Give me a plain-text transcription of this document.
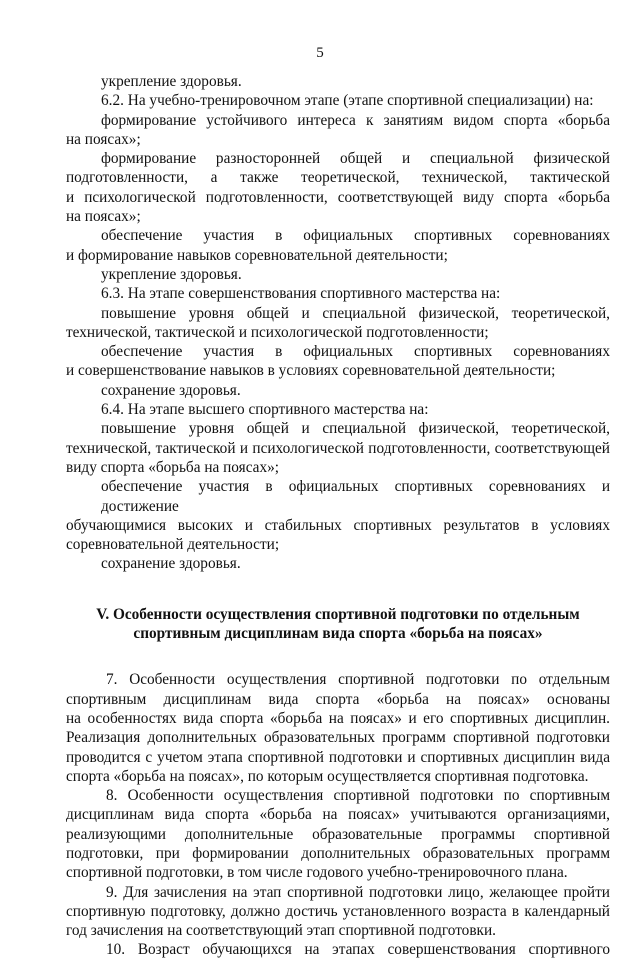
5

укрепление здоровья.

6.2. На учебно-тренировочном этапе (этапе спортивной специализации) на:

формирование устойчивого интереса к занятиям видом спорта «борьба

на поясах»;

формирование разносторонней общей и специальной физической

подготовленности, а также теоретической, технической, тактической

и психологической подготовленности, соответствующей виду спорта «борьба

на поясах»;

обеспечение участия в официальных спортивных соревнованиях

и формирование навыков соревновательной деятельности;

укрепление здоровья.

6.3. На этапе совершенствования спортивного мастерства на:

повышение уровня общей и специальной физической, теоретической,

технической, тактической и психологической подготовленности;

обеспечение участия в официальных спортивных соревнованиях

и совершенствование навыков в условиях соревновательной деятельности;

сохранение здоровья.

6.4. На этапе высшего спортивного мастерства на:

повышение уровня общей и специальной физической, теоретической,

технической, тактической и психологической подготовленности, соответствующей

виду спорта «борьба на поясах»;

обеспечение участия в официальных спортивных соревнованиях и достижение

обучающимися высоких и стабильных спортивных результатов в условиях

соревновательной деятельности;

сохранение здоровья.

V. Особенности осуществления спортивной подготовки по отдельным

спортивным дисциплинам вида спорта «борьба на поясах»

7. Особенности осуществления спортивной подготовки по отдельным

спортивным дисциплинам вида спорта «борьба на поясах» основаны

на особенностях вида спорта «борьба на поясах» и его спортивных дисциплин.

Реализация дополнительных образовательных программ спортивной подготовки

проводится с учетом этапа спортивной подготовки и спортивных дисциплин вида

спорта «борьба на поясах», по которым осуществляется спортивная подготовка.

8. Особенности осуществления спортивной подготовки по спортивным

дисциплинам вида спорта «борьба на поясах» учитываются организациями,

реализующими дополнительные образовательные программы спортивной

подготовки, при формировании дополнительных образовательных программ

спортивной подготовки, в том числе годового учебно-тренировочного плана.

9. Для зачисления на этап спортивной подготовки лицо, желающее пройти

спортивную подготовку, должно достичь установленного возраста в календарный

год зачисления на соответствующий этап спортивной подготовки.

10. Возраст обучающихся на этапах совершенствования спортивного
